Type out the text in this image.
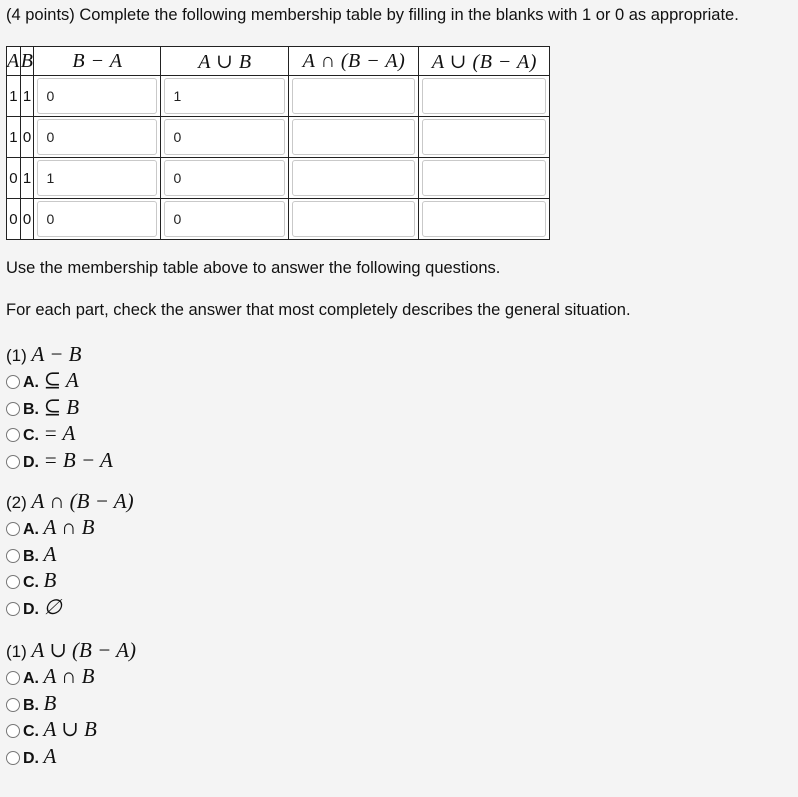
(4 points) Complete the following membership table by filling in the blanks with 1 or 0 as appropriate.
A	B	B − A	A ∪ B	A ∩ (B − A)	A ∪ (B − A)
1	1	0	1		

1	0	0	0		

0	1	1	0		

0	0	0	0		

Use the membership table above to answer the following questions.
For each part, check the answer that most completely describes the general situation.
(1) A − B
A. ⊆ A
B. ⊆ B
C. = A
D. = B − A
(2) A ∩ (B − A)
A. A ∩ B
B. A
C. B
D. ∅
(1) A ∪ (B − A)
A. A ∩ B
B. B
C. A ∪ B
D. A
